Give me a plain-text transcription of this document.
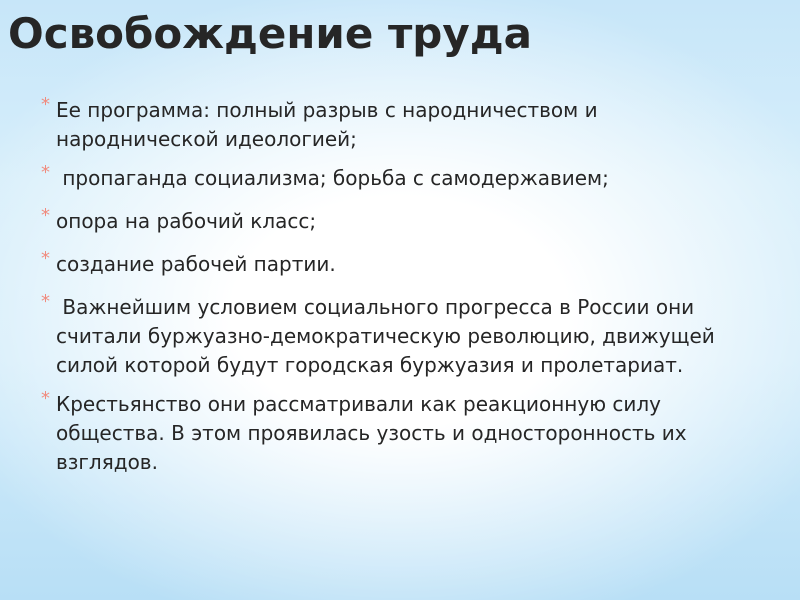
Освобождение труда
* Ее программа: полный разрыв с народничеством и народнической идеологией;
* пропаганда социализма; борьба с самодержавием;
* опора на рабочий класс;
* создание рабочей партии.
* Важнейшим условием социального прогресса в России они считали буржуазно-демократическую революцию, движущей силой которой будут городская буржуазия и пролетариат.
* Крестьянство они рассматривали как реакционную силу общества. В этом проявилась узость и односторонность их взглядов.
